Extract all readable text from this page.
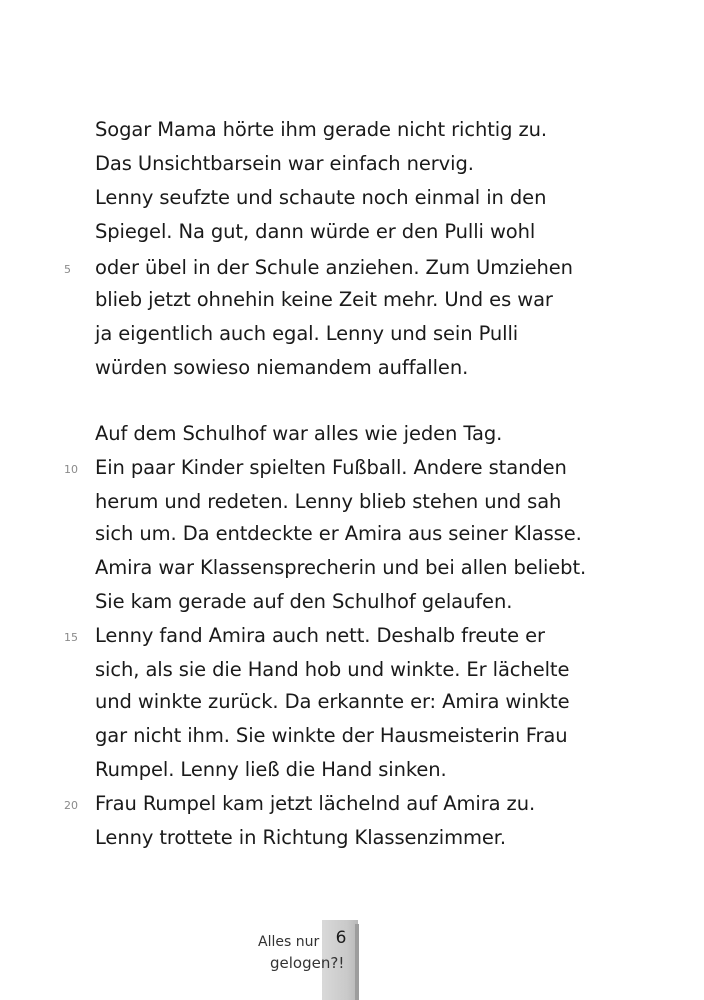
Sogar Mama hörte ihm gerade nicht richtig zu.
Das Unsichtbarsein war einfach nervig.
Lenny seufzte und schaute noch einmal in den
Spiegel. Na gut, dann würde er den Pulli wohl
oder übel in der Schule anziehen. Zum Umziehen
blieb jetzt ohnehin keine Zeit mehr. Und es war
ja eigentlich auch egal. Lenny und sein Pulli
würden sowieso niemandem auffallen.
Auf dem Schulhof war alles wie jeden Tag.
Ein paar Kinder spielten Fußball. Andere standen
herum und redeten. Lenny blieb stehen und sah
sich um. Da entdeckte er Amira aus seiner Klasse.
Amira war Klassensprecherin und bei allen beliebt.
Sie kam gerade auf den Schulhof gelaufen.
Lenny fand Amira auch nett. Deshalb freute er
sich, als sie die Hand hob und winkte. Er lächelte
und winkte zurück. Da erkannte er: Amira winkte
gar nicht ihm. Sie winkte der Hausmeisterin Frau
Rumpel. Lenny ließ die Hand sinken.
Frau Rumpel kam jetzt lächelnd auf Amira zu.
Lenny trottete in Richtung Klassenzimmer.
5
10
15
20
6
Alles nur
gelogen?!
